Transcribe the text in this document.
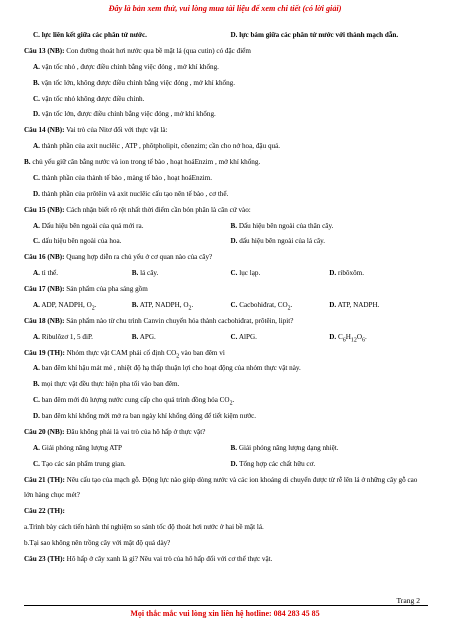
Đây là bản xem thử, vui lòng mua tài liệu để xem chi tiết (có lời giải)
C. lực liên kết giữa các phân tử nước.	D. lực bám giữa các phân tử nước với thành mạch dẫn.
Câu 13 (NB): Con đường thoát hơi nước qua bề mặt lá (qua cutin) có đặc điểm
A. vận tốc nhỏ , được điều chỉnh bằng việc đóng , mở khí khổng.
B. vận tốc lớn, không được điều chỉnh bằng việc đóng , mở khí khổng.
C. vận tốc nhỏ không được điều chỉnh.
D. vận tốc lớn, được điều chỉnh bằng việc đóng , mở khí khổng.
Câu 14 (NB): Vai trò của Nitơ đối với thực vật là:
A. thành phần của axit nuclêic , ATP , phôtpholipit, côenzim; cần cho nở hoa, đậu quả.
B. chủ yếu giữ cân bằng nước và ion trong tế bào , hoạt hoáEnzim , mở khí khổng.
C. thành phần của thành tế bào , màng tế bào , hoạt hoáEnzim.
D. thành phần của prôtêin và axit nuclêic cấu tạo nên tế bào , cơ thể.
Câu 15 (NB): Cách nhận biết rõ rệt nhất thời điểm cần bón phân là căn cứ vào:
A. Dấu hiệu bên ngoài của quả mới ra.	B. Dấu hiệu bên ngoài của thân cây.
C. dấu hiệu bên ngoài của hoa.	D. dấu hiệu bên ngoài của lá cây.
Câu 16 (NB): Quang hợp diễn ra chủ yếu ở cơ quan nào của cây?
A. tì thể.	B. lá cây.	C. lục lạp.	D. ribôxôm.
Câu 17 (NB): Sản phẩm của pha sáng gồm
A. ADP, NADPH, $O_2$.	B. ATP, NADPH, $O_2$.	C. Cacbohiđrat, $CO_2$.	D. ATP, NADPH.
Câu 18 (NB): Sản phẩm nào từ chu trình Canvin chuyển hóa thành cacbohiđrat, prôtêin, lipit?
A. Ribulôzơ 1, 5 điP.	B. APG.	C. AlPG.	D. $C_6H_{12}O_6$.
Câu 19 (TH): Nhóm thực vật CAM phải cố định $CO_2$ vào ban đêm vì
A. ban đêm khí hậu mát mẻ , nhiệt độ hạ thấp thuận lợi cho hoạt động của nhóm thực vật này.
B. mọi thực vật đều thực hiện pha tối vào ban đêm.
C. ban đêm mới đủ lượng nước cung cấp cho quá trình đồng hóa $CO_2$.
D. ban đêm khí khổng mới mở ra ban ngày khí khổng đóng để tiết kiệm nước.
Câu 20 (NB): Đâu không phải là vai trò của hô hấp ở thực vật?
A. Giải phóng năng lượng ATP	B. Giải phóng năng lượng dạng nhiệt.
C. Tạo các sản phẩm trung gian.	D. Tổng hợp các chất hữu cơ.
Câu 21 (TH): Nêu cấu tạo của mạch gỗ. Động lực nào giúp dòng nước và các ion khoáng di chuyển được từ rễ lên lá ở những cây gỗ cao lớn hàng chục mét?
Câu 22 (TH):
a.Trình bày cách tiến hành thí nghiệm so sánh tốc độ thoát hơi nước ở hai bề mặt lá.
b.Tại sao không nên trồng cây với mật độ quá dày?
Câu 23 (TH): Hô hấp ở cây xanh là gì? Nêu vai trò của hô hấp đối với cơ thể thực vật.
Trang 2
Mọi thắc mắc vui lòng xin liên hệ hotline: 084 283 45 85
